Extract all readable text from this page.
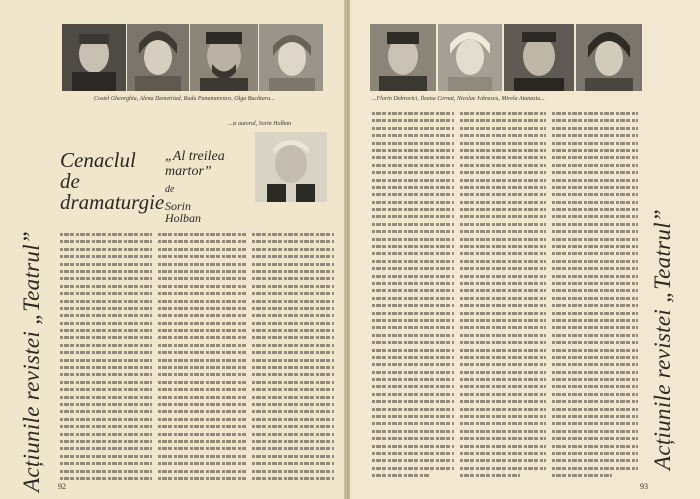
Costel Gheorghiu, Alena Demetriad, Radu Panamarenco, Olga Bucătaru...
...și autorul, Sorin Holban
Cenaclul
de
dramaturgie
„Al treilea
martor”
de
Sorin
Holban
Acțiunile revistei „Teatrul” 92
...Florin Dobrovici, Ileana Cernat, Nicolae Ivănescu, Mirela Atanasiu...
Acțiunile revistei „Teatrul”
93
